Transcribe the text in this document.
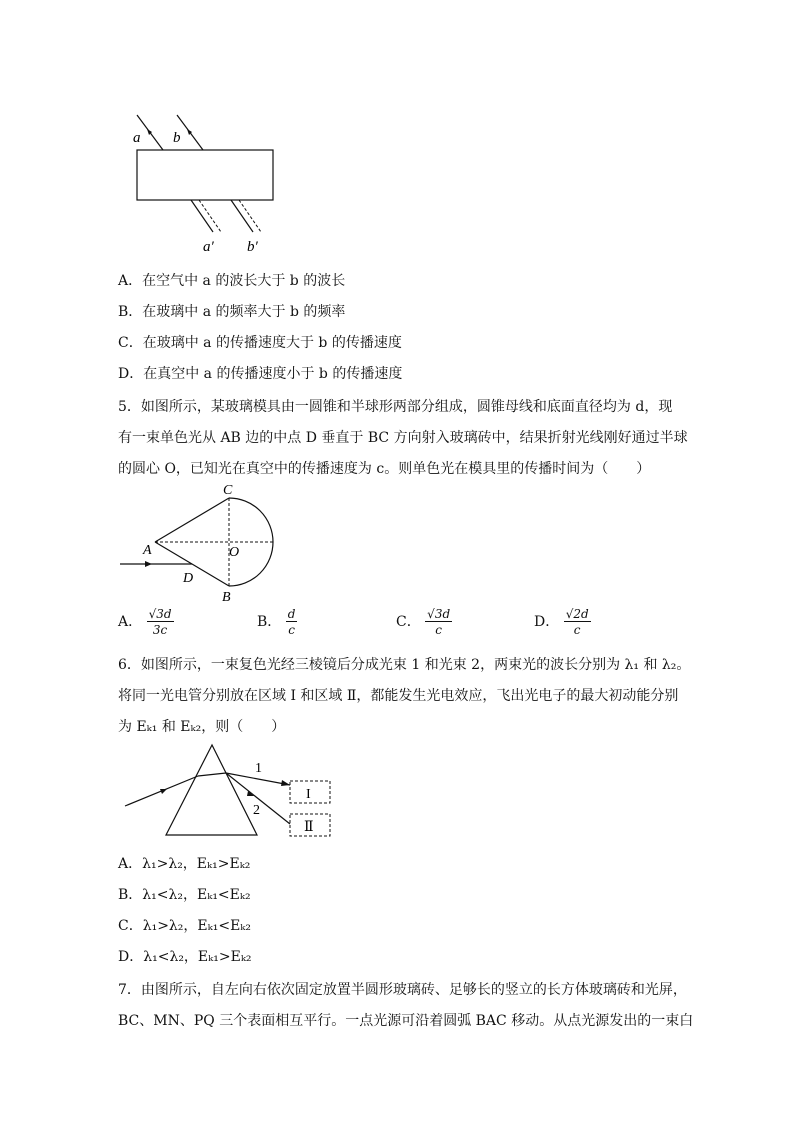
a b
a′ b′
A．在空气中 a 的波长大于 b 的波长
B．在玻璃中 a 的频率大于 b 的频率
C．在玻璃中 a 的传播速度大于 b 的传播速度
D．在真空中 a 的传播速度小于 b 的传播速度
5．如图所示，某玻璃模具由一圆锥和半球形两部分组成，圆锥母线和底面直径均为 d，现
有一束单色光从 AB 边的中点 D 垂直于 BC 方向射入玻璃砖中，结果折射光线刚好通过半球
的圆心 O，已知光在真空中的传播速度为 c。则单色光在模具里的传播时间为（　　）
C
A	O
D
B
A． $\frac{√3d}{3c}$	B． $\frac{d}{c}$	C． $\frac{√3d}{c}$	D． $\frac{√2d}{c}$
6．如图所示，一束复色光经三棱镜后分成光束 1 和光束 2，两束光的波长分别为 λ₁ 和 λ₂。
将同一光电管分别放在区域 I 和区域 Ⅱ，都能发生光电效应，飞出光电子的最大初动能分别
为 Eₖ₁ 和 Eₖ₂，则（　　）
1
2
I
Ⅱ
A．λ₁>λ₂，Eₖ₁>Eₖ₂
B．λ₁<λ₂，Eₖ₁<Eₖ₂
C．λ₁>λ₂，Eₖ₁<Eₖ₂
D．λ₁<λ₂，Eₖ₁>Eₖ₂
7．由图所示，自左向右依次固定放置半圆形玻璃砖、足够长的竖立的长方体玻璃砖和光屏，
BC、MN、PQ 三个表面相互平行。一点光源可沿着圆弧 BAC 移动。从点光源发出的一束白
